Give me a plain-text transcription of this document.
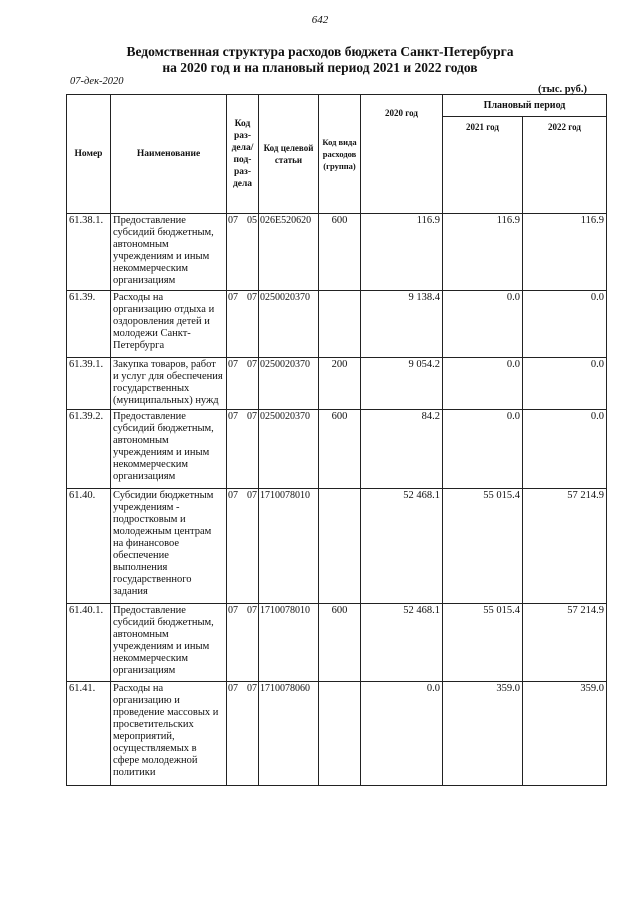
642
Ведомственная структура расходов бюджета Санкт-Петербурга
на 2020 год и на плановый период 2021 и 2022 годов
07-дек-2020
(тыс. руб.)
Номер	Наименование	Код раз- дела/ под- раз- дела	Код целевой статьи	Код вида расходов (группа)	2020 год	Плановый период	
						2021 год	2022 год
61.38.1.	Предоставление субсидий бюджетным, автономным учреждениям и иным некоммерческим организациям	07 05	026E520620	600	116.9	116.9	116.9
61.39.	Расходы на организацию отдыха и оздоровления детей и молодежи Санкт-Петербурга	07 07	0250020370		9 138.4	0.0	0.0
61.39.1.	Закупка товаров, работ и услуг для обеспечения государственных (муниципальных) нужд	07 07	0250020370	200	9 054.2	0.0	0.0
61.39.2.	Предоставление субсидий бюджетным, автономным учреждениям и иным некоммерческим организациям	07 07	0250020370	600	84.2	0.0	0.0
61.40.	Субсидии бюджетным учреждениям - подростковым и молодежным центрам на финансовое обеспечение выполнения государственного задания	07 07	1710078010		52 468.1	55 015.4	57 214.9
61.40.1.	Предоставление субсидий бюджетным, автономным учреждениям и иным некоммерческим организациям	07 07	1710078010	600	52 468.1	55 015.4	57 214.9
61.41.	Расходы на организацию и проведение массовых и просветительских мероприятий, осуществляемых в сфере молодежной политики	07 07	1710078060		0.0	359.0	359.0
